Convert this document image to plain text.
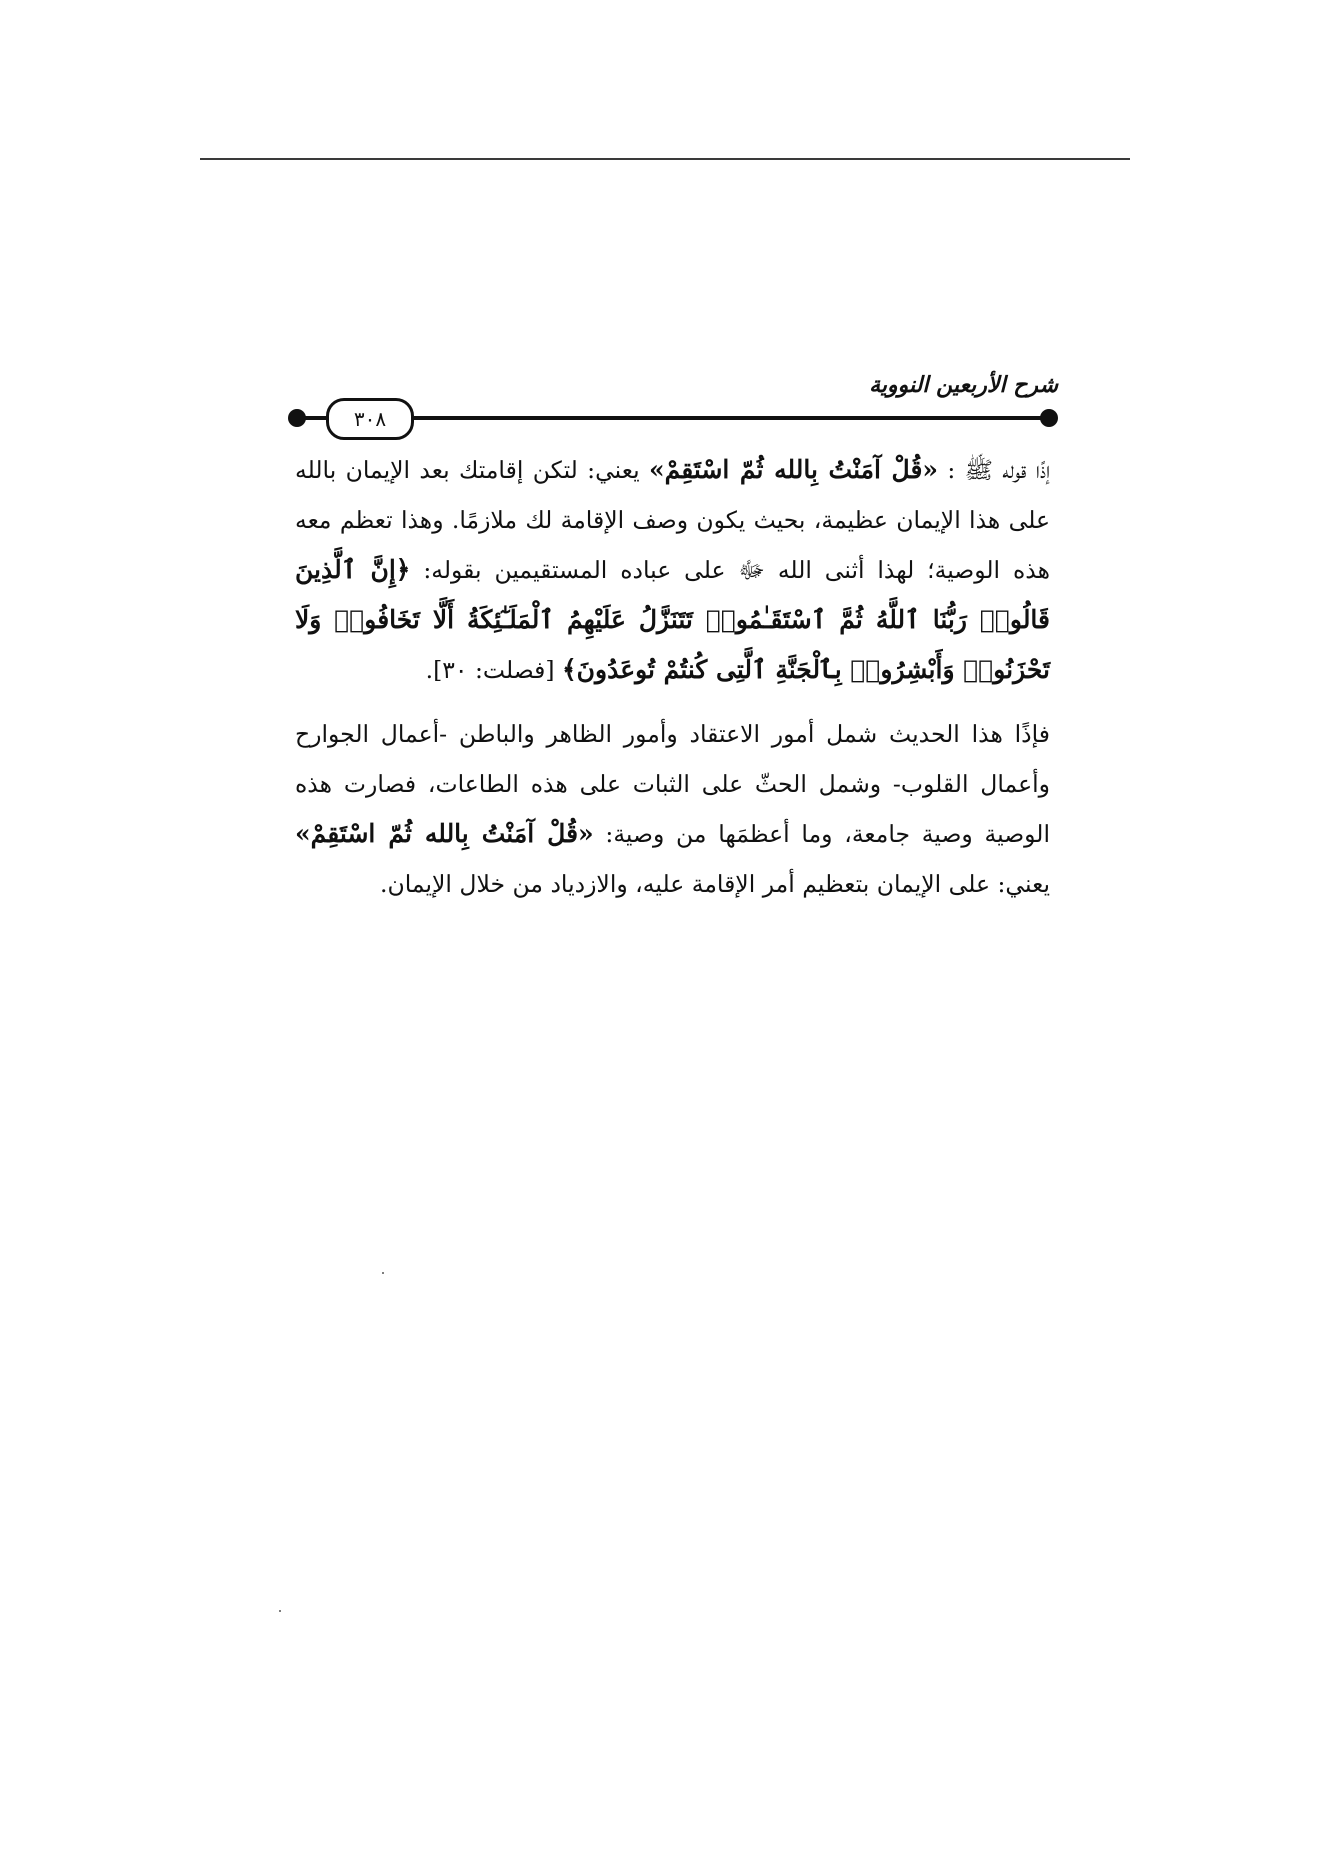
شرح الأربعين النووية
٣٠٨

إذًا قوله ﷺ : «قُلْ آمَنْتُ بِالله ثُمّ اسْتَقِمْ» يعني: لتكن إقامتك بعد الإيمان بالله على هذا الإيمان عظيمة، بحيث يكون وصف الإقامة لك ملازمًا. وهذا تعظم معه هذه الوصية؛ لهذا أثنى الله ﷻ على عباده المستقيمين بقوله: ﴿إِنَّ ٱلَّذِينَ قَالُوا۟ رَبُّنَا ٱللَّهُ ثُمَّ ٱسْتَقَـٰمُوا۟ تَتَنَزَّلُ عَلَيْهِمُ ٱلْمَلَـٰٓئِكَةُ أَلَّا تَخَافُوا۟ وَلَا تَحْزَنُوا۟ وَأَبْشِرُوا۟ بِٱلْجَنَّةِ ٱلَّتِى كُنتُمْ تُوعَدُونَ﴾ [فصلت: ٣٠].

فإذًا هذا الحديث شمل أمور الاعتقاد وأمور الظاهر والباطن -أعمال الجوارح وأعمال القلوب- وشمل الحثّ على الثبات على هذه الطاعات، فصارت هذه الوصية وصية جامعة، وما أعظمَها من وصية: «قُلْ آمَنْتُ بِالله ثُمّ اسْتَقِمْ» يعني: على الإيمان بتعظيم أمر الإقامة عليه، والازدياد من خلال الإيمان.
